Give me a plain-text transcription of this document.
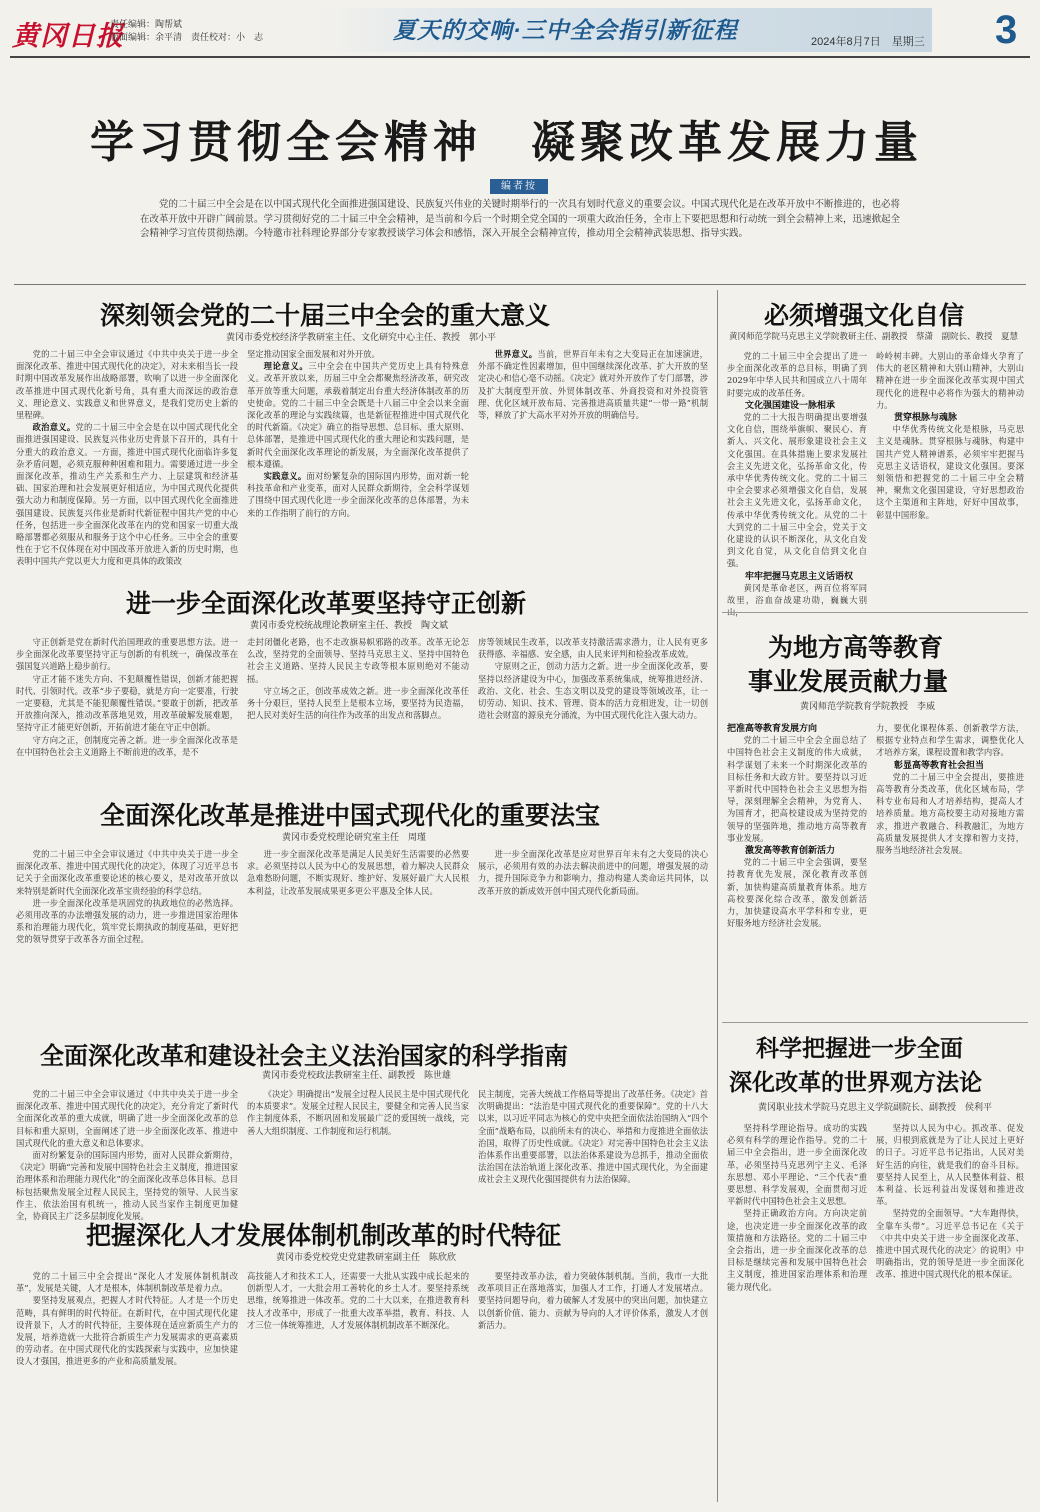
黄冈日报
责任编辑：陶帮斌
版面编辑：余平清　责任校对：小　志	夏天的交响·三中全会指引新征程	2024年8月7日　星期三 3
学习贯彻全会精神　凝聚改革发展力量
编者按
党的二十届三中全会是在以中国式现代化全面推进强国建设、民族复兴伟业的关键时期举行的一次具有划时代意义的重要会议。中国式现代化是在改革开放中不断推进的，也必将在改革开放中开辟广阔前景。学习贯彻好党的二十届三中全会精神，是当前和今后一个时期全党全国的一项重大政治任务，全市上下要把思想和行动统一到全会精神上来，迅速掀起全会精神学习宣传贯彻热潮。今特邀市社科理论界部分专家教授谈学习体会和感悟，深入开展全会精神宣传，推动用全会精神武装思想、指导实践。
深刻领会党的二十届三中全会的重大意义
黄冈市委党校经济学教研室主任、文化研究中心主任、教授　郭小平

党的二十届三中全会审议通过《中共中央关于进一步全面深化改革、推进中国式现代化的决定》，对未来相当长一段时期中国改革发展作出战略部署，吹响了以进一步全面深化改革推进中国式现代化新号角，具有重大而深远的政治意义、理论意义、实践意义和世界意义，是我们党历史上新的里程碑。

政治意义。党的二十届三中全会是在以中国式现代化全面推进强国建设、民族复兴伟业历史背景下召开的，具有十分重大的政治意义。一方面，推进中国式现代化面临许多复杂矛盾问题，必须克服种种困难和阻力。需要通过进一步全面深化改革，推动生产关系和生产力、上层建筑和经济基础、国家治理和社会发展更好相适应，为中国式现代化提供强大动力和制度保障。另一方面，以中国式现代化全面推进强国建设、民族复兴伟业是新时代新征程中国共产党的中心任务，包括进一步全面深化改革在内的党和国家一切重大战略部署都必须服从和服务于这个中心任务。三中全会的重要性在于它不仅体现在对中国改革开放进入新的历史时期，也表明中国共产党以更大力度和更具体的政策改

坚定推动国家全面发展和对外开放。

理论意义。三中全会在中国共产党历史上具有特殊意义。改革开放以来，历届三中全会都聚焦经济改革，研究改革开放等重大问题，承载着制定出台重大经济体制改革的历史使命。党的二十届三中全会既是十八届三中全会以来全面深化改革的理论与实践续篇，也是新征程推进中国式现代化的时代新篇。《决定》确立的指导思想、总目标、重大原则、总体部署，是推进中国式现代化的重大理论和实践问题，是新时代全面深化改革理论的新发展，为全面深化改革提供了根本遵循。

实践意义。面对纷繁复杂的国际国内形势，面对新一轮科技革命和产业变革，面对人民群众新期待，全会科学谋划了围绕中国式现代化进一步全面深化改革的总体部署，为未来的工作指明了前行的方向。

世界意义。当前，世界百年未有之大变局正在加速演进，外部不确定性因素增加，但中国继续深化改革、扩大开放的坚定决心和信心毫不动摇。《决定》就对外开放作了专门部署，涉及扩大制度型开放、外贸体制改革、外商投资和对外投资管理、优化区域开放布局、完善推进高质量共建“一带一路”机制等，释放了扩大高水平对外开放的明确信号。

必须增强文化自信
黄冈师范学院马克思主义学院教研主任、副教授　蔡潇　副院长、教授　夏慧

党的二十届三中全会提出了进一步全面深化改革的总目标，明确了到2029年中华人民共和国成立八十周年时要完成的改革任务。

文化强国建设一脉相承

党的二十大报告明确提出要增强文化自信，围绕举旗帜、聚民心、育新人、兴文化、展形象建设社会主义文化强国。在具体措施上要求发展社会主义先进文化，弘扬革命文化，传承中华优秀传统文化。党的二十届三中全会要求必须增强文化自信，发展社会主义先进文化，弘扬革命文化，传承中华优秀传统文化。从党的二十大到党的二十届三中全会，党关于文化建设的认识不断深化，从文化自发到文化自觉，从文化自信到文化自强。

牢牢把握马克思主义话语权

黄冈是革命老区，两百位将军同故里，浴血奋战建功勋，巍巍大别

岭岭树丰碑。大别山的革命烽火孕育了伟大的老区精神和大别山精神，大别山精神在进一步全面深化改革实现中国式现代化的进程中必将作为强大的精神动力。

贯穿根脉与魂脉

中华优秀传统文化是根脉，马克思主义是魂脉。贯穿根脉与魂脉，构建中国共产党人精神谱系，必须牢牢把握马克思主义话语权，建设文化强国。要深刻领悟和把握党的二十届三中全会精神，聚焦文化强国建设，守好思想政治这个主渠道和主阵地，好好中国故事，彰显中国形象。

进一步全面深化改革要坚持守正创新
黄冈市委党校统战理论教研室主任、教授　陶文斌

守正创新是党在新时代治国理政的重要思想方法。进一步全面深化改革要坚持守正与创新的有机统一，确保改革在强国复兴道路上稳步前行。

守正才能不迷失方向、不犯颠覆性错误，创新才能把握时代、引领时代。改革“步子要稳，就是方向一定要准，行驶一定要稳，尤其是不能犯颠覆性错误。”要敢于创新，把改革开放推向深入，推动改革落地见效，用改革破解发展难题，坚持守正才能更好创新，开拓前进才能在守正中创新。

守方向之正，创制度完善之新。进一步全面深化改革是在中国特色社会主义道路上不断前进的改革，是不

走封闭僵化老路，也不走改旗易帜邪路的改革。改革无论怎么改，坚持党的全面领导、坚持马克思主义、坚持中国特色社会主义道路、坚持人民民主专政等根本原则绝对不能动摇。

守立场之正，创改革成效之新。进一步全面深化改革任务十分艰巨，坚持人民至上是根本立场，要坚持为民造福，把人民对美好生活的向往作为改革的出发点和落脚点。

房等领域民生改革，以改革支持激活需求潜力，让人民有更多获得感、幸福感、安全感，由人民来评判和检验改革成效。

守原则之正，创动力活力之新。进一步全面深化改革，要坚持以经济建设为中心，加强改革系统集成，统筹推进经济、政治、文化、社会、生态文明以及党的建设等领域改革，让一切劳动、知识、技术、管理、资本的活力竞相迸发，让一切创造社会财富的源泉充分涌流，为中国式现代化注入强大动力。

为地方高等教育
事业发展贡献力量
黄冈师范学院教育学院教授　李威

把准高等教育发展方向

党的二十届三中全会全面总结了中国特色社会主义制度的伟大成就，科学谋划了未来一个时期深化改革的目标任务和大政方针。要坚持以习近平新时代中国特色社会主义思想为指导，深刻理解全会精神，为党育人、为国育才，把高校建设成为坚持党的领导的坚强阵地，推动地方高等教育事业发展。

激发高等教育创新活力

党的二十届三中全会强调，要坚持教育优先发展，深化教育改革创新，加快构建高质量教育体系。地方高校要深化综合改革，激发创新活力，加快建设高水平学科和专业，更好服务地方经济社会发展。

力，要优化课程体系、创新教学方法，根据专业特点和学生需求，调整优化人才培养方案，课程设置和教学内容。

彰显高等教育社会担当

党的二十届三中全会提出，要推进高等教育分类改革，优化区域布局，学科专业布局和人才培养结构，提高人才培养质量。地方高校要主动对接地方需求，推进产教融合、科教融汇，为地方高质量发展提供人才支撑和智力支持，服务当地经济社会发展。

全面深化改革是推进中国式现代化的重要法宝
黄冈市委党校理论研究室主任　周瑾

党的二十届三中全会审议通过《中共中央关于进一步全面深化改革、推进中国式现代化的决定》，体现了习近平总书记关于全面深化改革重要论述的核心要义，是对改革开放以来特别是新时代全面深化改革宝贵经验的科学总结。

进一步全面深化改革是巩固党的执政地位的必然选择。必须用改革的办法增强发展的动力，进一步推进国家治理体系和治理能力现代化，筑牢党长期执政的制度基础，更好把党的领导贯穿于改革各方面全过程。

进一步全面深化改革是满足人民美好生活需要的必然要求。必须坚持以人民为中心的发展思想，着力解决人民群众急难愁盼问题，不断实现好、维护好、发展好最广大人民根本利益，让改革发展成果更多更公平惠及全体人民。

进一步全面深化改革是应对世界百年未有之大变局的决心展示，必须用有效的办法去解决前进中的问题，增强发展的动力，提升国际竞争力和影响力，推动构建人类命运共同体，以改革开放的新成效开创中国式现代化新局面。

科学把握进一步全面
深化改革的世界观方法论
黄冈职业技术学院马克思主义学院副院长、副教授　侯利平

坚持科学理论指导。成功的实践必须有科学的理论作指导。党的二十届三中全会指出，进一步全面深化改革，必须坚持马克思列宁主义、毛泽东思想、邓小平理论、“三个代表”重要思想、科学发展观，全面贯彻习近平新时代中国特色社会主义思想。

坚持正确政治方向。方向决定前途，也决定进一步全面深化改革的政策措施和方法路径。党的二十届三中全会指出，进一步全面深化改革的总目标是继续完善和发展中国特色社会主义制度，推进国家治理体系和治理能力现代化。

坚持以人民为中心。抓改革、促发展，归根到底就是为了让人民过上更好的日子。习近平总书记指出，人民对美好生活的向往，就是我们的奋斗目标。要坚持人民至上，从人民整体利益、根本利益、长远利益出发谋划和推进改革。

坚持党的全面领导。“大车跑得快，全靠车头带”。习近平总书记在《关于〈中共中央关于进一步全面深化改革、推进中国式现代化的决定〉的说明》中明确指出，党的领导是进一步全面深化改革、推进中国式现代化的根本保证。

全面深化改革和建设社会主义法治国家的科学指南
黄冈市委党校政法教研室主任、副教授　陈世雄

党的二十届三中全会审议通过《中共中央关于进一步全面深化改革、推进中国式现代化的决定》，充分肯定了新时代全面深化改革的重大成就，明确了进一步全面深化改革的总目标和重大原则，全面阐述了进一步全面深化改革、推进中国式现代化的重大意义和总体要求。

面对纷繁复杂的国际国内形势，面对人民群众新期待，《决定》明确“完善和发展中国特色社会主义制度，推进国家治理体系和治理能力现代化”的全面深化改革总体目标。总目标包括聚焦发展全过程人民民主，坚持党的领导、人民当家作主、依法治国有机统一，推动人民当家作主制度更加健全，协商民主广泛多层制度化发展。

《决定》明确提出“发展全过程人民民主是中国式现代化的本质要求”。发展全过程人民民主，要健全和完善人民当家作主制度体系，不断巩固和发展最广泛的爱国统一战线，完善人大组织制度、工作制度和运行机制。

民主制度，完善大统战工作格局等提出了改革任务。《决定》首次明确提出：“法治是中国式现代化的重要保障”。党的十八大以来，以习近平同志为核心的党中央把全面依法治国纳入“四个全面”战略布局，以前所未有的决心、举措和力度推进全面依法治国，取得了历史性成就。《决定》对完善中国特色社会主义法治体系作出重要部署，以法治体系建设为总抓手，推动全面依法治国在法治轨道上深化改革、推进中国式现代化，为全面建成社会主义现代化强国提供有力法治保障。

把握深化人才发展体制机制改革的时代特征
黄冈市委党校党史党建教研室副主任　陈欣欣

党的二十届三中全会提出“深化人才发展体制机制改革”，发展是关键，人才是根本，体制机制改革是着力点。

要坚持发展观点，把握人才时代特征。人才是一个历史范畴，具有鲜明的时代特征。在新时代，在中国式现代化建设背景下，人才的时代特征，主要体现在适应新质生产力的发展，培养造就一大批符合新质生产力发展需求的更高素质的劳动者。在中国式现代化的实践探索与实践中，应加快建设人才强国，推进更多的产业和高质量发展。

高技能人才和技术工人，还需要一大批从实践中成长起来的创新型人才，一大批会用工善转化的乡土人才。要坚持系统思维，统筹推进一体改革。党的二十大以来，在推进教育科技人才改革中，形成了一批重大改革举措，教育、科技、人才三位一体统筹推进，人才发展体制机制改革不断深化。

要坚持改革办法，着力突破体制机制。当前，我市一大批改革项目正在落地落实，加强人才工作，打通人才发展堵点。要坚持问题导向，着力破解人才发展中的突出问题，加快建立以创新价值、能力、贡献为导向的人才评价体系，激发人才创新活力。
